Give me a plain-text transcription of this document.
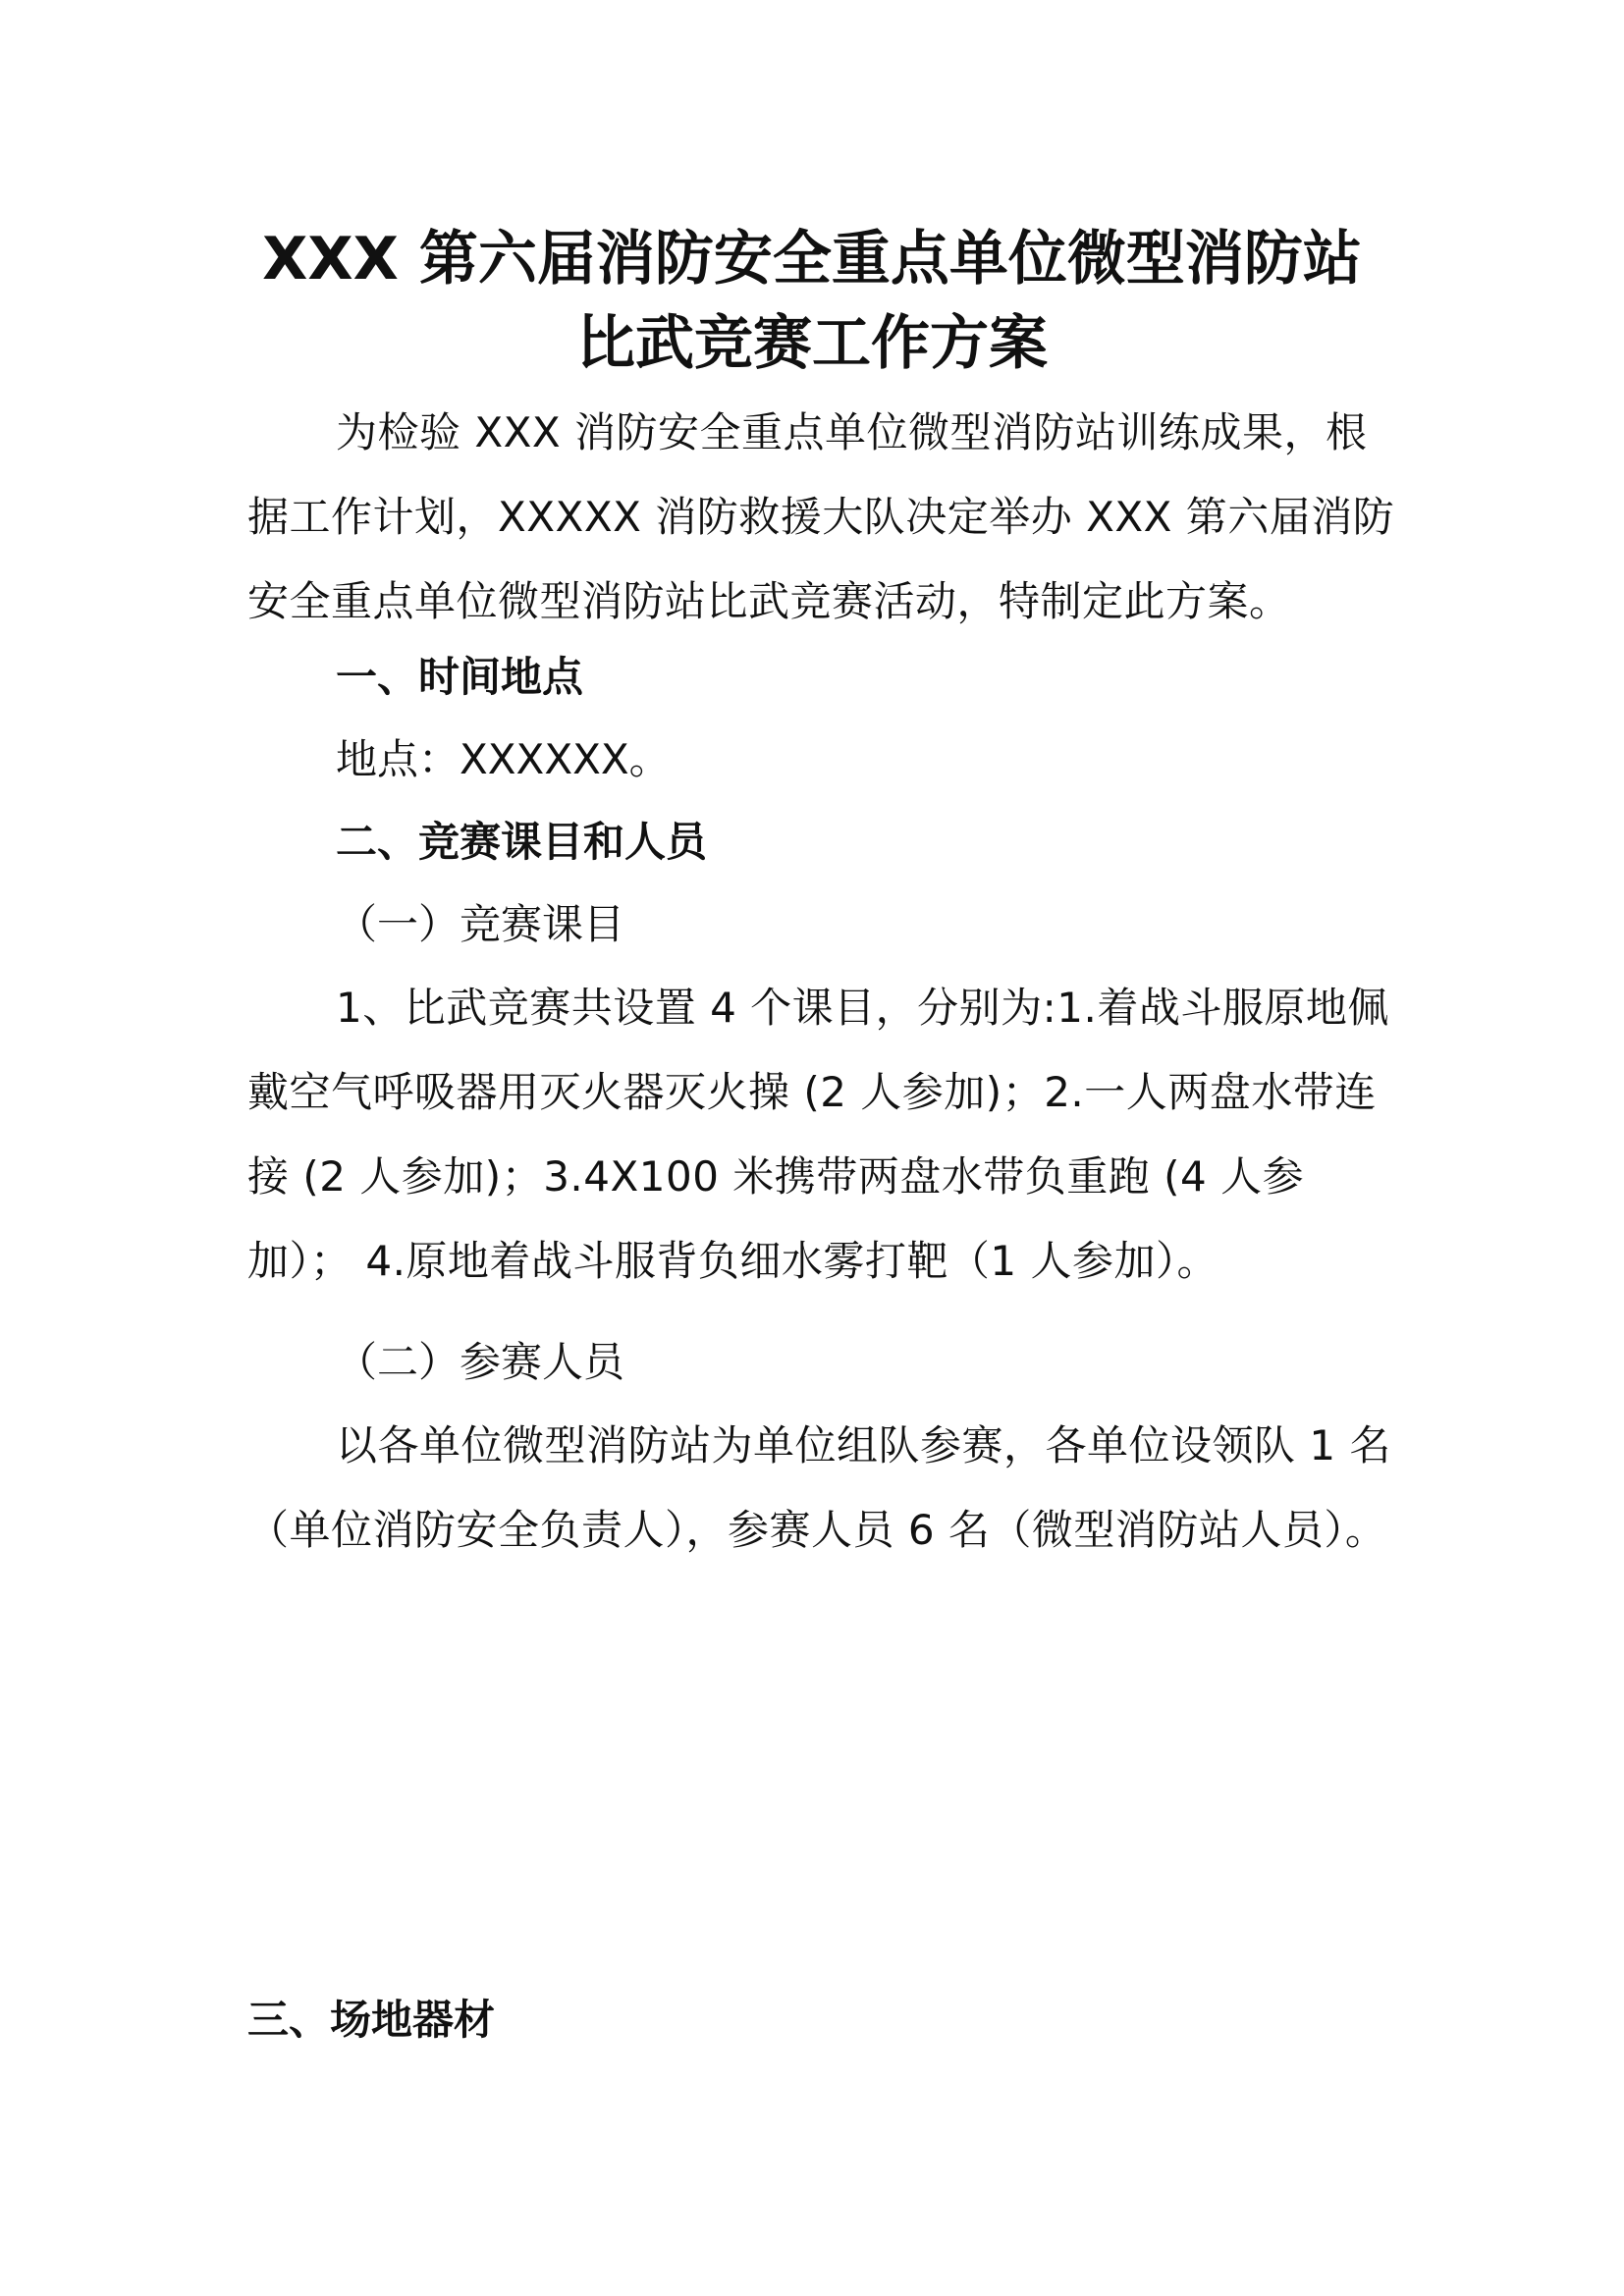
XXX 第六届消防安全重点单位微型消防站
比武竞赛工作方案

为检验 XXX 消防安全重点单位微型消防站训练成果，根据工作计划，XXXXX 消防救援大队决定举办 XXX 第六届消防安全重点单位微型消防站比武竞赛活动，特制定此方案。

一、时间地点

地点：XXXXXX。

二、竞赛课目和人员

（一）竞赛课目

1、比武竞赛共设置 4 个课目，分别为:1.着战斗服原地佩戴空气呼吸器用灭火器灭火操 (2 人参加)；2.一人两盘水带连接 (2 人参加)；3.4X100 米携带两盘水带负重跑 (4 人参加）； 4.原地着战斗服背负细水雾打靶（1 人参加）。

（二）参赛人员

以各单位微型消防站为单位组队参赛，各单位设领队 1 名（单位消防安全负责人），参赛人员 6 名（微型消防站人员）。

三、场地器材
